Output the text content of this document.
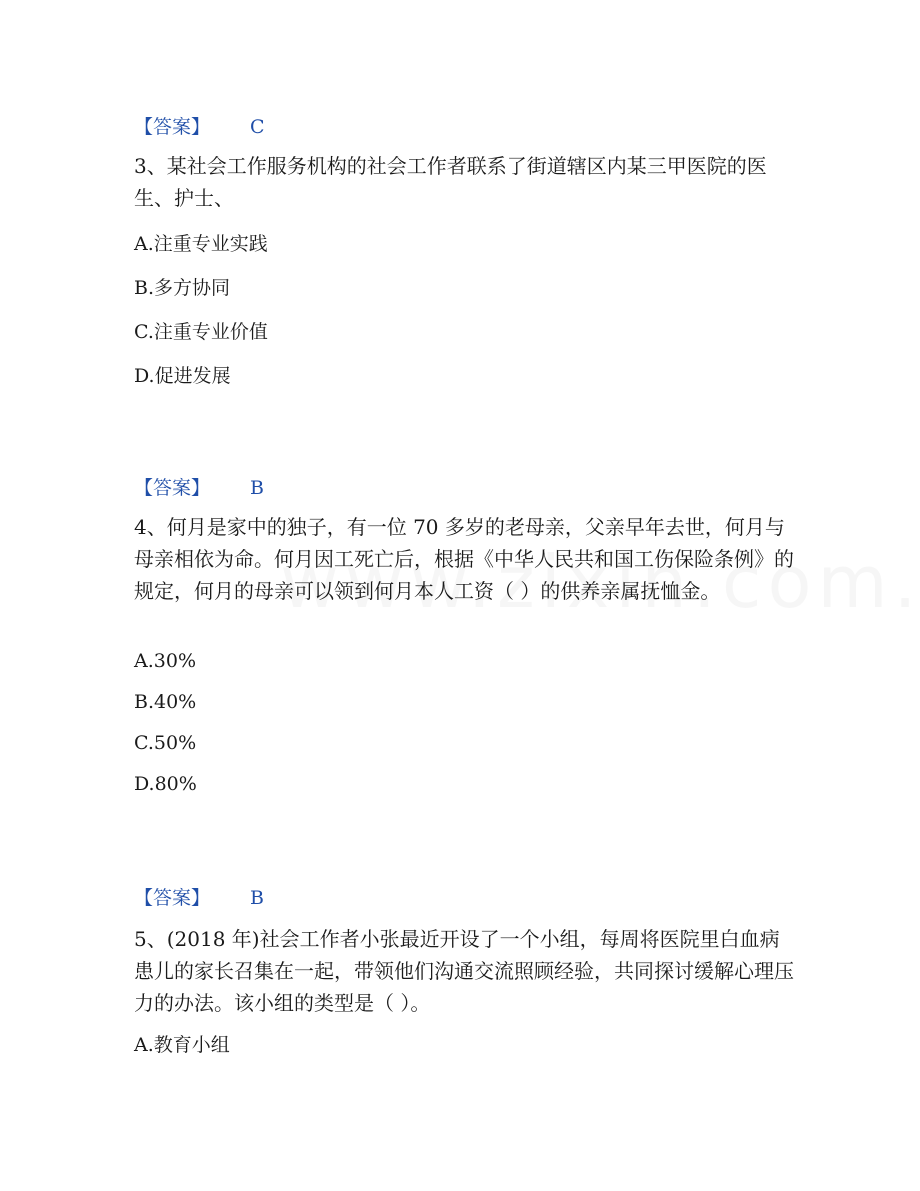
【答案】 C
3、某社会工作服务机构的社会工作者联系了街道辖区内某三甲医院的医生、护士、
A.注重专业实践
B.多方协同
C.注重专业价值
D.促进发展
【答案】 B
4、何月是家中的独子，有一位 70 多岁的老母亲，父亲早年去世，何月与母亲相依为命。何月因工死亡后，根据《中华人民共和国工伤保险条例》的规定，何月的母亲可以领到何月本人工资（ ）的供养亲属抚恤金。
A.30%
B.40%
C.50%
D.80%
【答案】 B
5、(2018 年)社会工作者小张最近开设了一个小组，每周将医院里白血病患儿的家长召集在一起，带领他们沟通交流照顾经验，共同探讨缓解心理压力的办法。该小组的类型是（ ）。
A.教育小组
